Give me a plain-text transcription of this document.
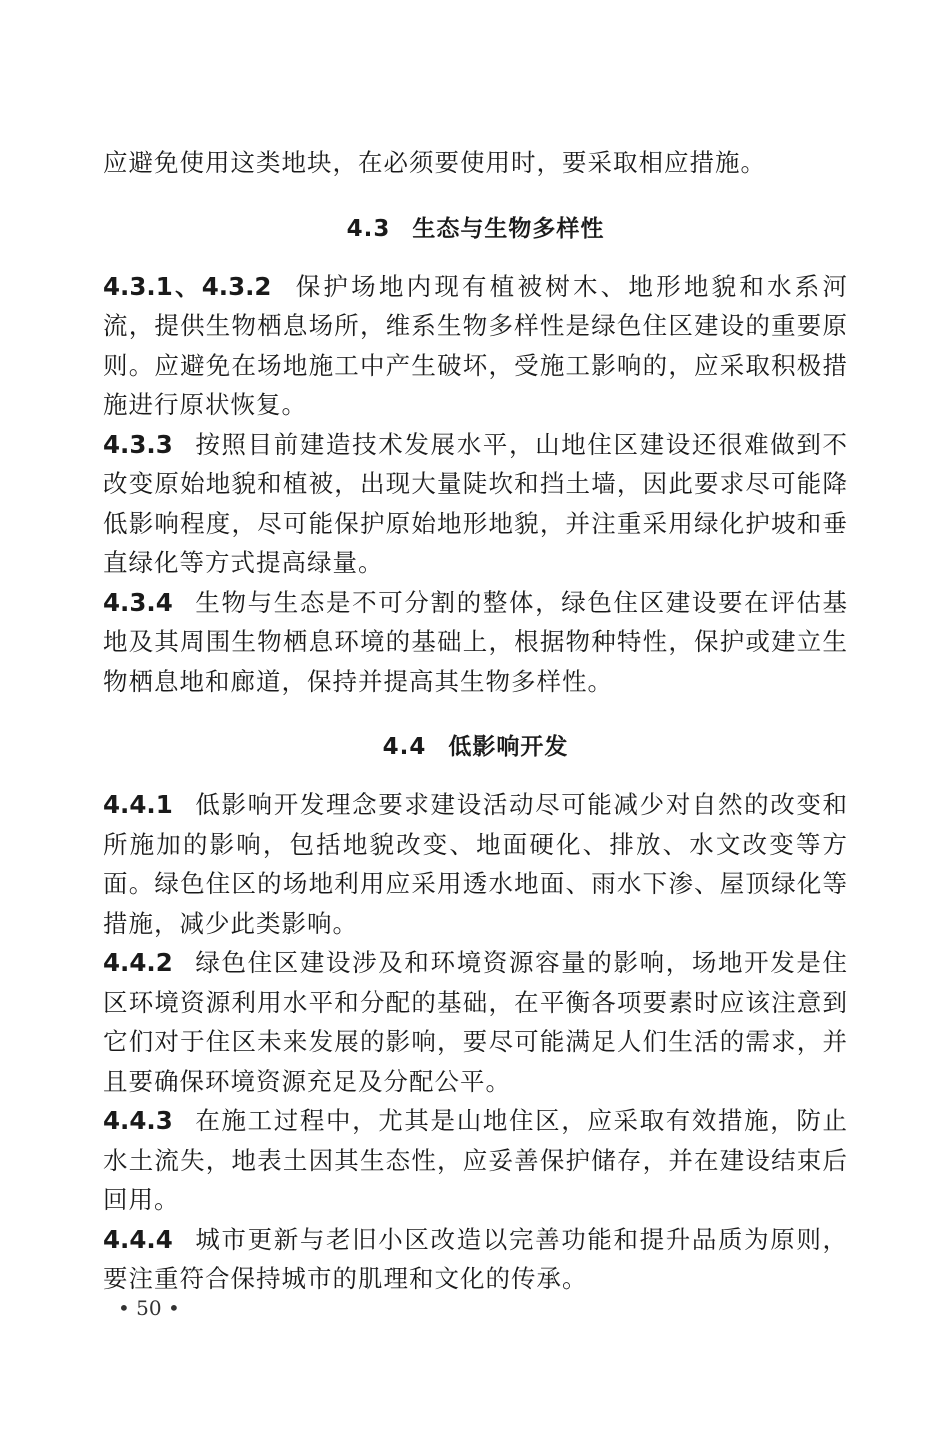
应避免使用这类地块，在必须要使用时，要采取相应措施。

4.3 生态与生物多样性

4.3.1、4.3.2 保护场地内现有植被树木、地形地貌和水系河流，提供生物栖息场所，维系生物多样性是绿色住区建设的重要原则。应避免在场地施工中产生破坏，受施工影响的，应采取积极措施进行原状恢复。

4.3.3 按照目前建造技术发展水平，山地住区建设还很难做到不改变原始地貌和植被，出现大量陡坎和挡土墙，因此要求尽可能降低影响程度，尽可能保护原始地形地貌，并注重采用绿化护坡和垂直绿化等方式提高绿量。

4.3.4 生物与生态是不可分割的整体，绿色住区建设要在评估基地及其周围生物栖息环境的基础上，根据物种特性，保护或建立生物栖息地和廊道，保持并提高其生物多样性。

4.4 低影响开发

4.4.1 低影响开发理念要求建设活动尽可能减少对自然的改变和所施加的影响，包括地貌改变、地面硬化、排放、水文改变等方面。绿色住区的场地利用应采用透水地面、雨水下渗、屋顶绿化等措施，减少此类影响。

4.4.2 绿色住区建设涉及和环境资源容量的影响，场地开发是住区环境资源利用水平和分配的基础，在平衡各项要素时应该注意到它们对于住区未来发展的影响，要尽可能满足人们生活的需求，并且要确保环境资源充足及分配公平。

4.4.3 在施工过程中，尤其是山地住区，应采取有效措施，防止水土流失，地表土因其生态性，应妥善保护储存，并在建设结束后回用。

4.4.4 城市更新与老旧小区改造以完善功能和提升品质为原则，要注重符合保持城市的肌理和文化的传承。

• 50 •
